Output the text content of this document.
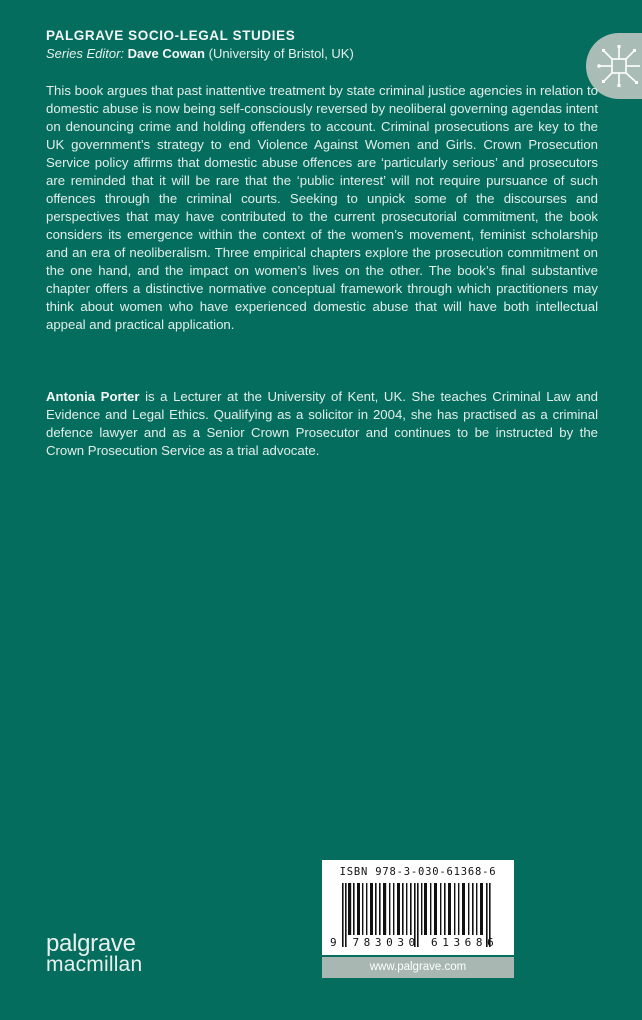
PALGRAVE SOCIO-LEGAL STUDIES
Series Editor: Dave Cowan (University of Bristol, UK)

This book argues that past inattentive treatment by state criminal justice agencies in relation to domestic abuse is now being self-consciously reversed by neoliberal governing agendas intent on denouncing crime and holding offenders to account. Criminal prosecutions are key to the UK government’s strategy to end Violence Against Women and Girls. Crown Prosecution Service policy affirms that domestic abuse offences are ‘particularly serious’ and prosecutors are reminded that it will be rare that the ‘public interest’ will not require pursuance of such offences through the criminal courts. Seeking to unpick some of the discourses and perspectives that may have contributed to the current prosecutorial commitment, the book considers its emergence within the context of the women’s movement, feminist scholarship and an era of neoliberalism. Three empirical chapters explore the prosecution commitment on the one hand, and the impact on women’s lives on the other. The book’s final substantive chapter offers a distinctive normative conceptual framework through which practitioners may think about women who have experienced domestic abuse that will have both intellectual appeal and practical application.

Antonia Porter is a Lecturer at the University of Kent, UK. She teaches Criminal Law and Evidence and Legal Ethics. Qualifying as a solicitor in 2004, she has practised as a criminal defence lawyer and as a Senior Crown Prosecutor and continues to be instructed by the Crown Prosecution Service as a trial advocate.

palgrave
macmillan
ISBN 978-3-030-61368-6
9 783030 613686
www.palgrave.com
